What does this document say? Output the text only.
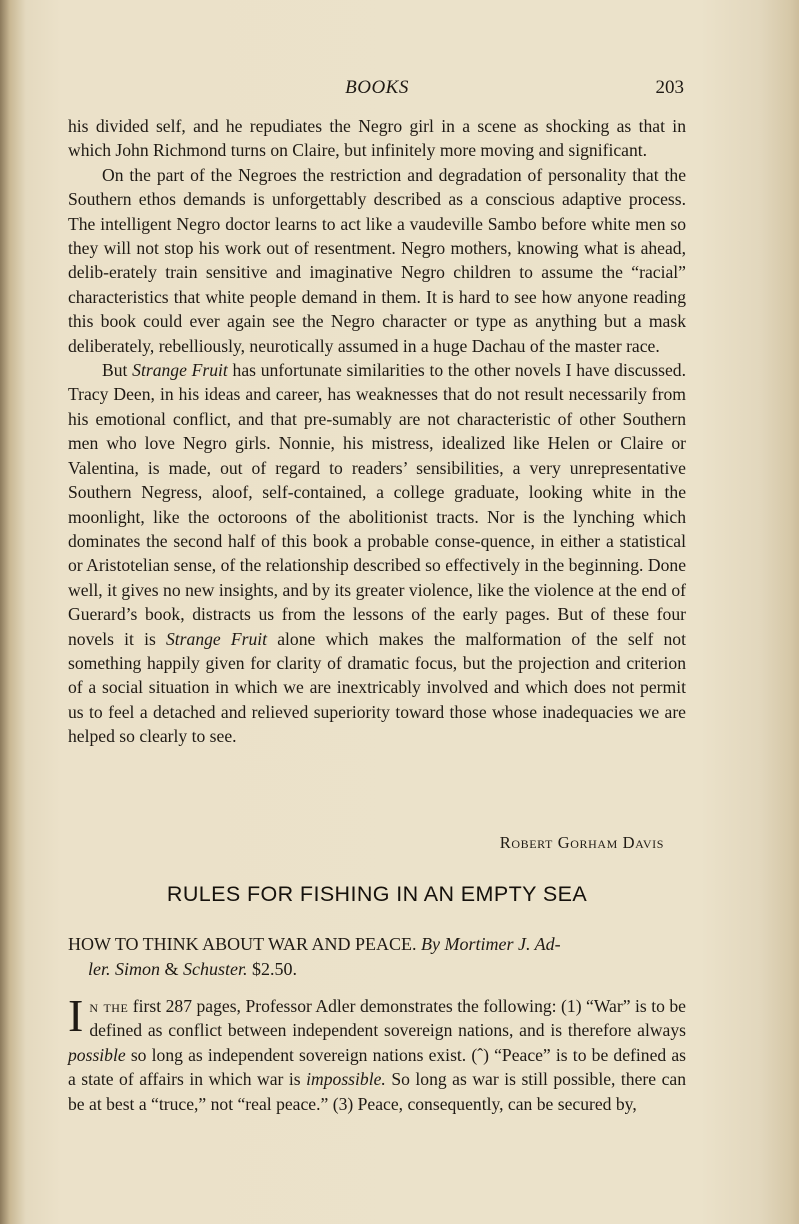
BOOKS	203

his divided self, and he repudiates the Negro girl in a scene as shocking as that in which John Richmond turns on Claire, but infinitely more moving and significant.

On the part of the Negroes the restriction and degradation of personality that the Southern ethos demands is unforgettably described as a conscious adaptive process. The intelligent Negro doctor learns to act like a vaudeville Sambo before white men so they will not stop his work out of resentment. Negro mothers, knowing what is ahead, delib-erately train sensitive and imaginative Negro children to assume the “racial” characteristics that white people demand in them. It is hard to see how anyone reading this book could ever again see the Negro character or type as anything but a mask deliberately, rebelliously, neurotically assumed in a huge Dachau of the master race.

But Strange Fruit has unfortunate similarities to the other novels I have discussed. Tracy Deen, in his ideas and career, has weaknesses that do not result necessarily from his emotional conflict, and that pre-sumably are not characteristic of other Southern men who love Negro girls. Nonnie, his mistress, idealized like Helen or Claire or Valentina, is made, out of regard to readers’ sensibilities, a very unrepresentative Southern Negress, aloof, self-contained, a college graduate, looking white in the moonlight, like the octoroons of the abolitionist tracts. Nor is the lynching which dominates the second half of this book a probable conse-quence, in either a statistical or Aristotelian sense, of the relationship described so effectively in the beginning. Done well, it gives no new insights, and by its greater violence, like the violence at the end of Guerard’s book, distracts us from the lessons of the early pages. But of these four novels it is Strange Fruit alone which makes the malformation of the self not something happily given for clarity of dramatic focus, but the projection and criterion of a social situation in which we are inextricably involved and which does not permit us to feel a detached and relieved superiority toward those whose inadequacies we are helped so clearly to see.

Robert Gorham Davis
RULES FOR FISHING IN AN EMPTY SEA
HOW TO THINK ABOUT WAR AND PEACE. By Mortimer J. Ad-
ler. Simon & Schuster. $2.50.
In the first 287 pages, Professor Adler demonstrates the following: (1) “War” is to be defined as conflict between independent sovereign nations, and is therefore always possible so long as independent sovereign nations exist. (⁠⁠ˆ) “Peace” is to be defined as a state of affairs in which war is impossible. So long as war is still possible, there can be at best a “truce,” not “real peace.” (3) Peace, consequently, can be secured by,
